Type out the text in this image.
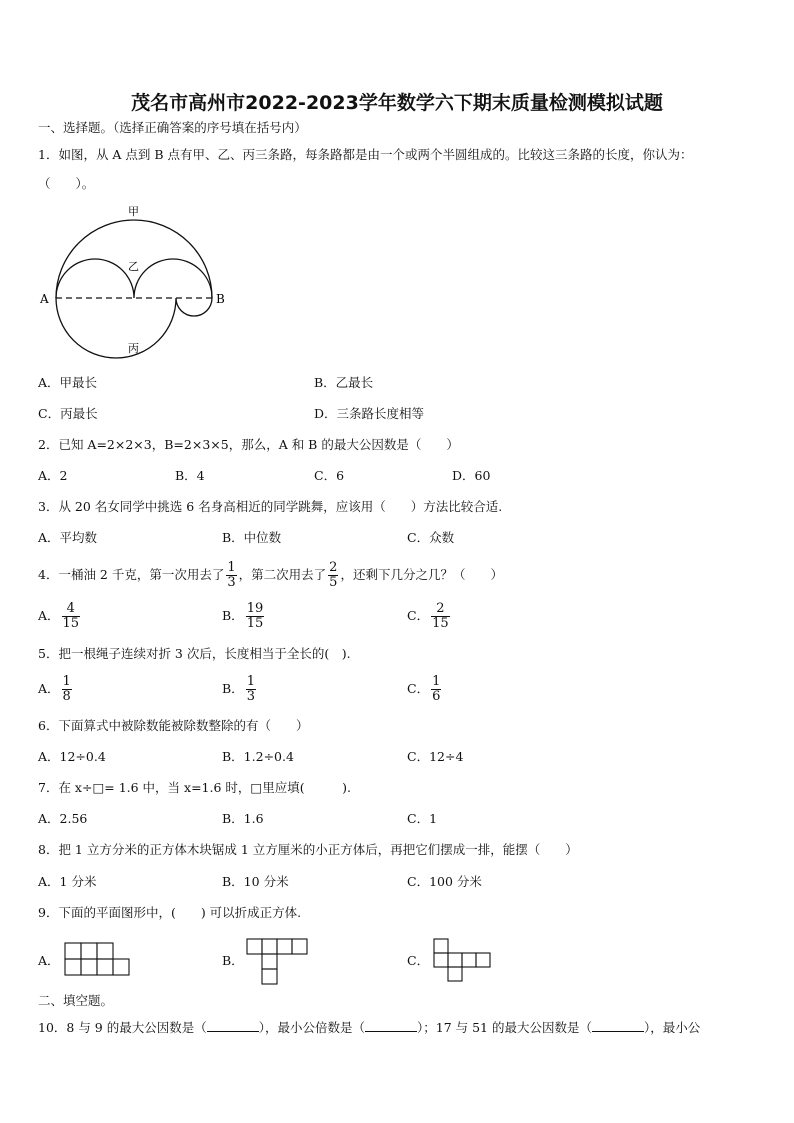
茂名市高州市2022-2023学年数学六下期末质量检测模拟试题
一、选择题。（选择正确答案的序号填在括号内）
1．如图，从 A 点到 B 点有甲、乙、丙三条路，每条路都是由一个或两个半圆组成的。比较这三条路的长度，你认为：
（　　）。
甲
乙
丙
A	B
A．甲最长	B．乙最长
C．丙最长	D．三条路长度相等
2．已知 A=2×2×3，B=2×3×5，那么，A 和 B 的最大公因数是（　　）
A．2	B．4	C．6	D．60
3．从 20 名女同学中挑选 6 名身高相近的同学跳舞，应该用（　　）方法比较合适.
A．平均数	B．中位数	C．众数
4．一桶油 2 千克，第一次用去了 $\frac{1}{3}$ ，第二次用去了 $\frac{2}{5}$ ，还剩下几分之几？（　　）
A． $\frac{4}{15}$	B． $\frac{19}{15}$	C． $\frac{2}{15}$
5．把一根绳子连续对折 3 次后，长度相当于全长的(　).
A． $\frac{1}{8}$	B． $\frac{1}{3}$	C． $\frac{1}{6}$
6．下面算式中被除数能被除数整除的有（　　）
A．12÷0.4	B．1.2÷0.4	C．12÷4
7．在 x÷□= 1.6 中，当 x=1.6 时，□里应填(　　　).
A．2.56	B．1.6	C．1
8．把 1 立方分米的正方体木块锯成 1 立方厘米的小正方体后，再把它们摆成一排，能摆（　　）
A．1 分米	B．10 分米	C．100 分米
9．下面的平面图形中，(　　) 可以折成正方体.
A．	B．	C．
二、填空题。
10．8 与 9 的最大公因数是（	），最小公倍数是（	）；17 与 51 的最大公因数是（	），最小公
